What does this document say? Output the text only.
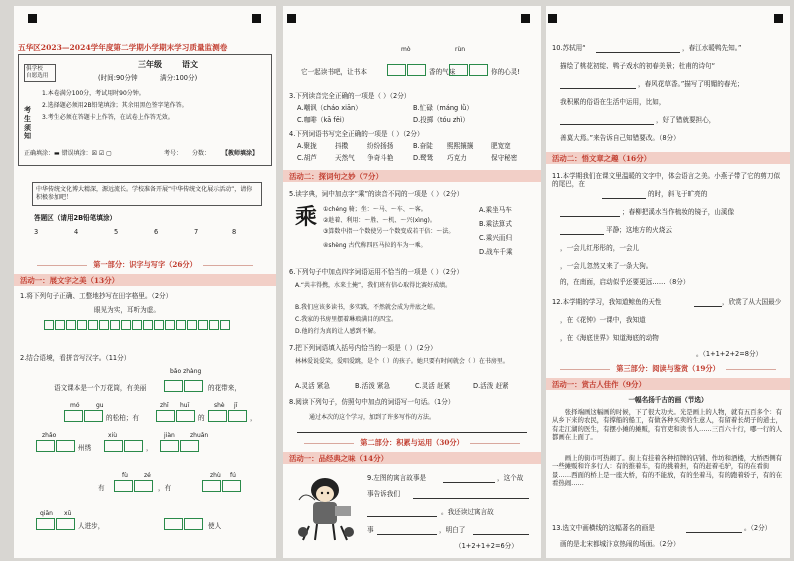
五华区2023—2024学年度第二学期小学期末学习质量监测卷
俱学校
自愿选用
三年级	语文
(时间:90分钟	满分:100分)
考生须知
1.本卷满分100分，考试用时90分钟。
2.选择题必须用2B铅笔填涂；其余用黑色签字笔作答。
3.考生必须在答题卡上作答，在试卷上作答无效。
正确填涂：▬ 错误填涂：☒ ☑ ▢	考号： 分数： 【教师填涂】
中华传统文化博大精深，源远流长。学校准备开展“中华传统文化展示活动”，请你积极参加吧！
答题区（请用2B铅笔填涂）
3	4	5	6	7	8
第一部分：识字与写字（26分）
活动一：展文字之美（13分）
1.将下列句子正确、工整地抄写在田字格里。（2分）
眼见为实，耳听为虚。
2.结合语境，看拼音写汉字。（11分）
bǎo zhàng
语文课本是一个万花筒，有美丽	的花带来，
mó	gu	zhī huī	shè jī
的松柏；有	的	，
zhǎo	xiù	jiàn	zhuǎn
州绣	，
fù	zé	zhù fú
有	，有
qiān xū
人进步，	使人
mò	rùn
它一起读书吧，让书本	香的气味	你的心灵!
3.下列读音完全正确的一项是（ ）（2分）
A.嘲讽（cháo xiān）	B.忙碌（máng lǜ）
C.咖啡（kā fēi）	D.投掷（tóu zhì）
4.下列词语书写完全正确的一项是（ ）（2分）
A.聚拢	抖擞	纷纷扬扬	B.奋陡 熙熙攘攘	肥宽宽
C.胡芦	天然气 争奇斗艳	D.鹭鸶 巧克力	保守秘密
活动二：探词句之妙（7分）
5.读字典，词中加点字“乘”的读音不同的一项是（ ）（2分）
乘 ①chéng 骑；坐：～马、～车、～客。
②趁着、利用：～胜、～机、～兴(xìng)。
③算数中指一个数使另一个数变成若干倍：～法。
④shèng 古代称四匹马拉的车为一乘。
A.乘坐马车
B.乘法算式
C.乘兴而归
D.战车千乘
6.下列句子中加点四字词语运用不恰当的一项是（ ）（2分）
A.“共丰得携，水来土掩”，我们班有信心取得比赛好成绩。
B.我们应该多读书，多实践，不然就会成为井底之蛙。
C.我家的书房里摆着琳琅满目的四宝。
D.他的行为真的让人感到不解。
7.把下列词语填入括号内恰当的一项是（ ）（2分）
林林爱说爱笑，爱唱爱跳，是个（ ）的孩子。她只要有时间就会（ ）在书房里。
A.灵活 紧急	B.活泼 紧急	C.灵活 赶紧	D.活泼 赶紧
8.阅读下列句子，仿照句中加点的词语写一句话。（1分）
通过本次的这个学习，加到了许多写作的方法。
第二部分：积累与运用（30分）
活动一：品经典之味（14分）
9.左图的寓言故事是	，这个故
事告诉我们
。我还读过寓言故
事	，明白了
（1+2+1+2=6分）
10.苏轼用“	，春江水暖鸭先知。”
描绘了桃花初绽、鸭子戏水的初春美景；杜甫的诗句“
，春风花草香。”描写了明媚的春光；
我积累的俗语在生活中运用，比如，
，好了错就要担心，
善莫大焉。”来告诉自己知错要改。（8分）
活动二：悟文章之趣（16分）
11.本学期我们在课文里温暖的文字中，体会语言之美。小燕子带了它的剪刀似的尾巴，在
的时，斜飞于旷亮的
；春柳把溪水当作梳妆的镜子，山溪像
平静；这地方的火烧云
，一会儿红彤彤的，一会儿
，一会儿忽然又来了一条大狗。
的，在南面，启动似乎还要更远……（8分）
12.本学期的学习，我知道鲸鱼的天性	，欣赏了从大国最少
，在《花钟》一课中，我知道
，在《海底世界》知道海底的动物
。（1+1+2+2=8分）
第三部分：阅读与鉴赏（19分）
活动一：赏古人佳作（9分）
一幅名扬千古的画（节选）
张择端画这幅画的时候，下了很大功夫。光是画上的人物，就有五百多个：有从乡下来的农民，有撑船的船工，有做各种买卖的生意人，有留着长胡子的道士，有走江湖的医生，有摆小摊的摊贩，有官吏和读书人……三百六十行，哪一行的人都画在上面了。
画上的街市可热闹了。街上有挂着各种招牌的店铺、作坊和酒楼，大桥西侧有一些摊贩和许多行人：有的推着车，有的挑着担，有的赶着毛驴，有的在看街景……西面的桥上是一座大桥，有的不能放，有的坐着马，有的跑着轿子，有的在看热闹……
13.选文中画横线的这幅著名的画是	。（2分）
画的是北宋都城汴京热闹的场面。（2分）
